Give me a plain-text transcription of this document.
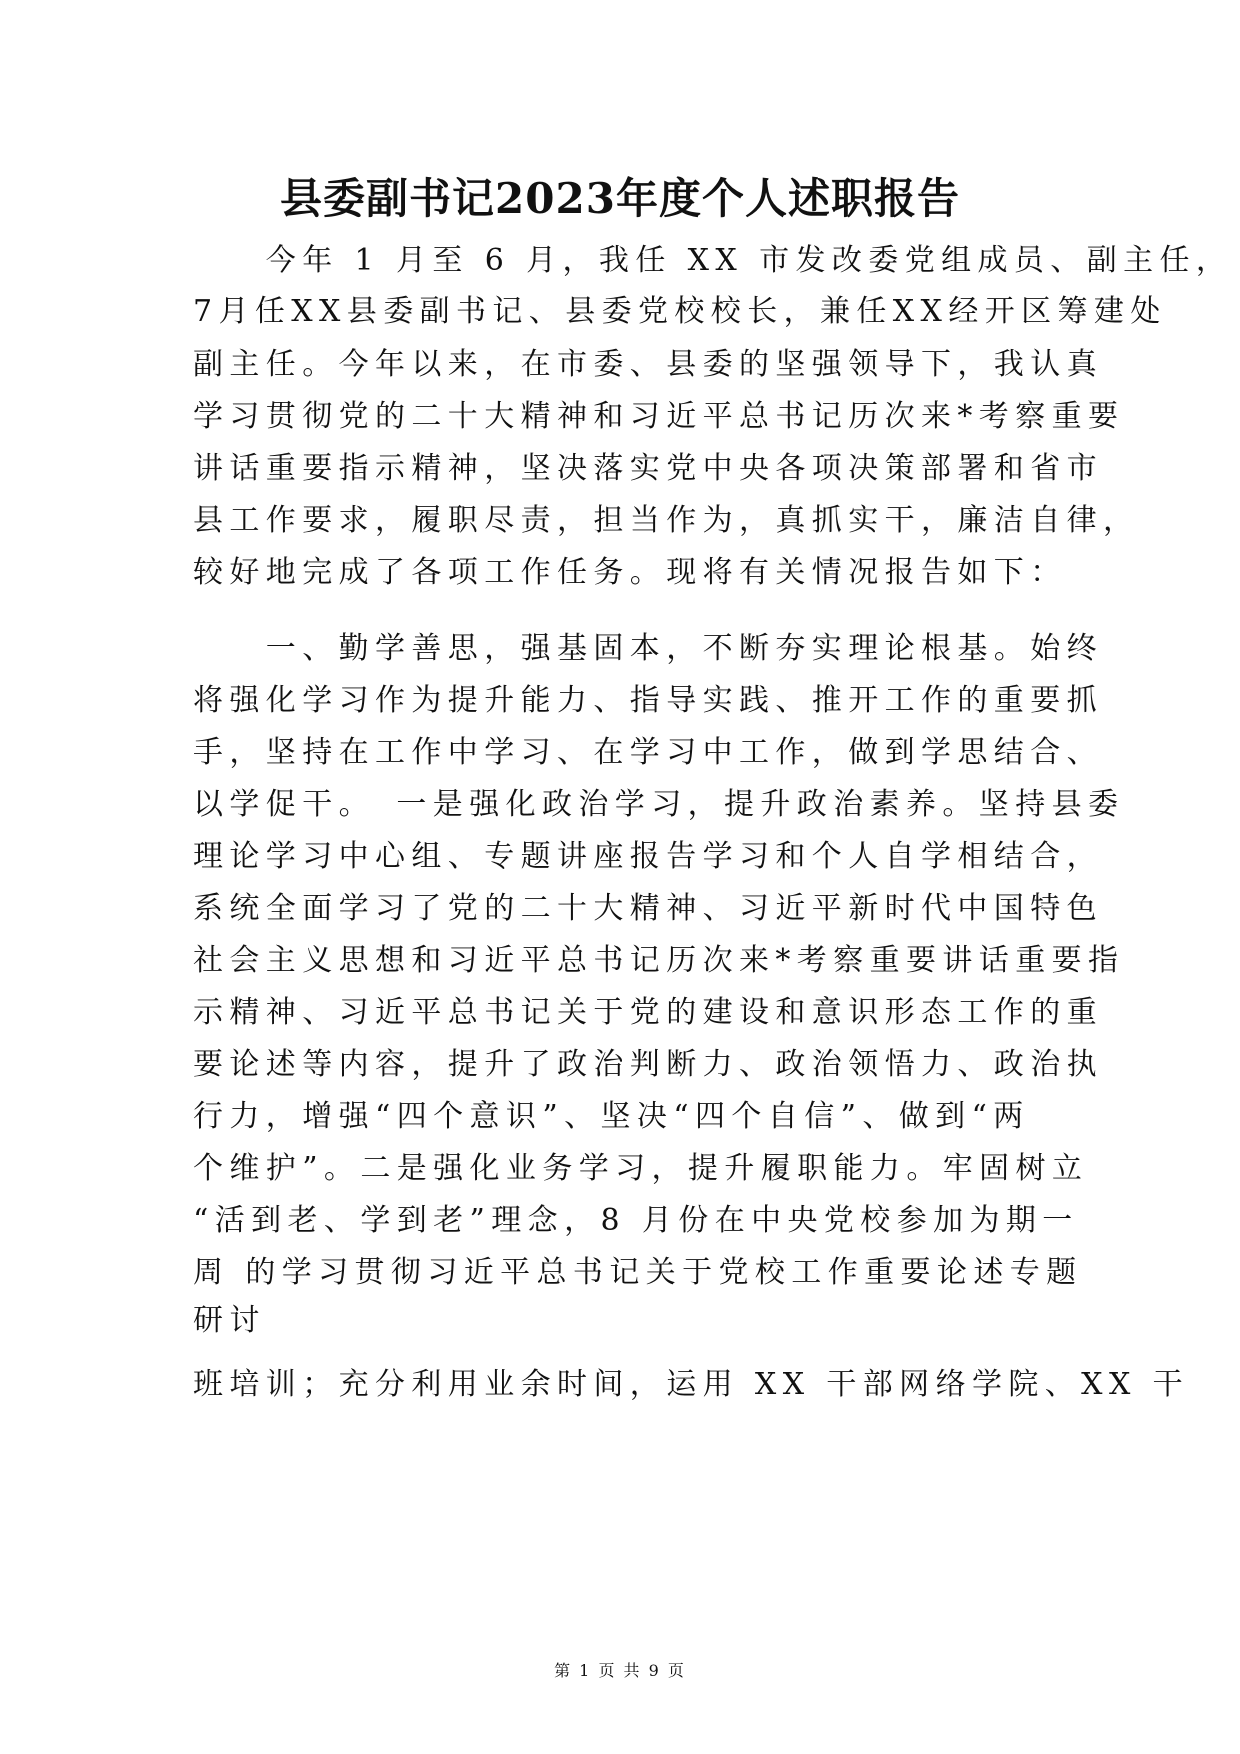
县委副书记2023年度个人述职报告

　　今年 1 月至 6 月，我任 XX 市发改委党组成员、副主任，

7月任XX县委副书记、县委党校校长，兼任XX经开区筹建处

副主任。今年以来，在市委、县委的坚强领导下，我认真

学习贯彻党的二十大精神和习近平总书记历次来*考察重要

讲话重要指示精神，坚决落实党中央各项决策部署和省市

县工作要求，履职尽责，担当作为，真抓实干，廉洁自律，

较好地完成了各项工作任务。现将有关情况报告如下：

　　一、勤学善思，强基固本，不断夯实理论根基。始终

将强化学习作为提升能力、指导实践、推开工作的重要抓

手，坚持在工作中学习、在学习中工作，做到学思结合、

以学促干。　一是强化政治学习，提升政治素养。坚持县委

理论学习中心组、专题讲座报告学习和个人自学相结合，

系统全面学习了党的二十大精神、习近平新时代中国特色

社会主义思想和习近平总书记历次来*考察重要讲话重要指

示精神、习近平总书记关于党的建设和意识形态工作的重

要论述等内容，提升了政治判断力、政治领悟力、政治执

行力，增强“四个意识”、坚决“四个自信”、做到“两

个维护”。二是强化业务学习，提升履职能力。牢固树立

“活到老、学到老”理念，8 月份在中央党校参加为期一

周 的学习贯彻习近平总书记关于党校工作重要论述专题

研讨

班培训；充分利用业余时间，运用 XX 干部网络学院、XX 干

第 1 页 共 9 页
